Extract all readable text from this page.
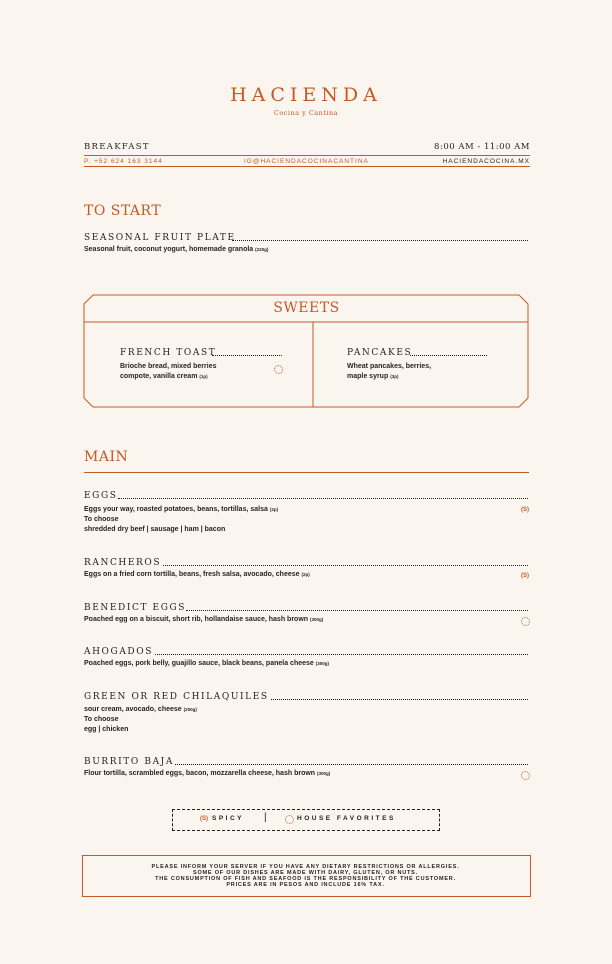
HACIENDA
Cocina y Cantina
BREAKFAST	8:00 AM - 11:00 AM
P. +52 624 163 3144	IG@HACIENDACOCINACANTINA	HACIENDACOCINA.MX
TO START
SEASONAL FRUIT PLATE
Seasonal fruit, coconut yogurt, homemade granola (220g)
SWEETS
FRENCH TOAST
Brioche bread, mixed berries
compote, vanilla cream (1p)
PANCAKES
Wheat pancakes, berries,
maple syrup (3p)
MAIN
EGGS
Eggs your way, roasted potatoes, beans, tortillas, salsa (2p)
To choose
shredded dry beef | sausage | ham | bacon
(S)
RANCHEROS
Eggs on a fried corn tortilla, beans, fresh salsa, avocado, cheese (2p)	(S)
BENEDICT EGGS
Poached egg on a biscuit, short rib, hollandaise sauce, hash brown (300g)
AHOGADOS
Poached eggs, pork belly, guajillo sauce, black beans, panela cheese (300g)
GREEN OR RED CHILAQUILES
sour cream, avocado, cheese (200g)
To choose
egg | chicken
BURRITO BAJA
Flour tortilla, scrambled eggs, bacon, mozzarella cheese, hash brown (300g)
(S) SPICY |	HOUSE FAVORITES
PLEASE INFORM YOUR SERVER IF YOU HAVE ANY DIETARY RESTRICTIONS OR ALLERGIES.
SOME OF OUR DISHES ARE MADE WITH DAIRY, GLUTEN, OR NUTS.
THE CONSUMPTION OF FISH AND SEAFOOD IS THE RESPONSIBILITY OF THE CUSTOMER.
PRICES ARE IN PESOS AND INCLUDE 16% TAX.
